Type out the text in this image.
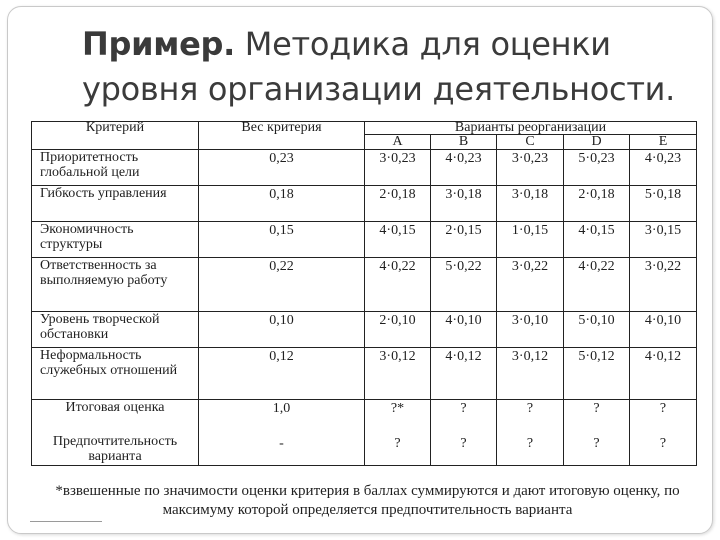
Пример. Методика для оценки уровня организации деятельности.
Критерий	Вес критерия	Варианты реорганизации				
		A	B	C	D	E
Приоритетность глобальной цели	0,23	3·0,23	4·0,23	3·0,23	5·0,23	4·0,23
Гибкость управления	0,18	2·0,18	3·0,18	3·0,18	2·0,18	5·0,18
Экономичность структуры	0,15	4·0,15	2·0,15	1·0,15	4·0,15	3·0,15
Ответственность за выполняемую работу	0,22	4·0,22	5·0,22	3·0,22	4·0,22	3·0,22
Уровень творческой обстановки	0,10	2·0,10	4·0,10	3·0,10	5·0,10	4·0,10
Неформальность служебных отношений	0,12	3·0,12	4·0,12	3·0,12	5·0,12	4·0,12
Итоговая оценка	1,0	?*	?	?	?	?
Предпочтительность варианта	-	?	?	?	?	?
*взвешенные по значимости оценки критерия в баллах суммируются и дают итоговую оценку, по максимуму которой определяется предпочтительность варианта
